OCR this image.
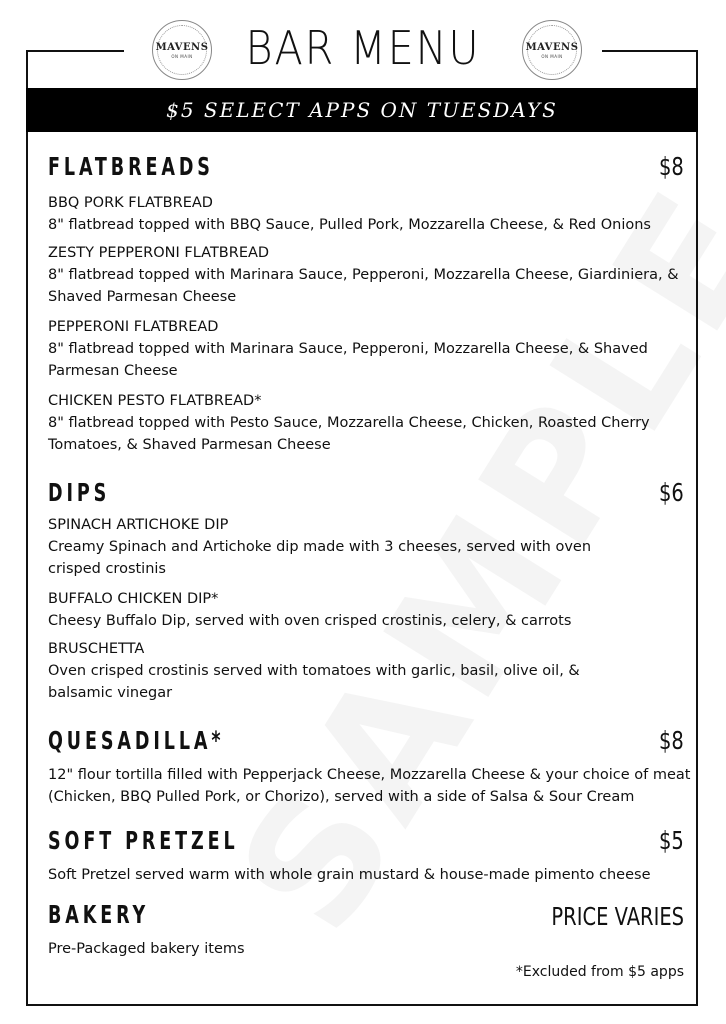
MAVENS
ON MAIN	BAR MENU	MAVENS
ON MAIN
$5 SELECT APPS ON TUESDAYS
FLATBREADS	$8
BBQ PORK FLATBREAD
8" flatbread topped with BBQ Sauce, Pulled Pork, Mozzarella Cheese, & Red Onions
ZESTY PEPPERONI FLATBREAD
8" flatbread topped with Marinara Sauce, Pepperoni, Mozzarella Cheese, Giardiniera, & Shaved Parmesan Cheese
PEPPERONI FLATBREAD
8" flatbread topped with Marinara Sauce, Pepperoni, Mozzarella Cheese, & Shaved Parmesan Cheese
CHICKEN PESTO FLATBREAD*
8" flatbread topped with Pesto Sauce, Mozzarella Cheese, Chicken, Roasted Cherry Tomatoes, & Shaved Parmesan Cheese
DIPS	$6
SPINACH ARTICHOKE DIP
Creamy Spinach and Artichoke dip made with 3 cheeses, served with oven crisped crostinis
BUFFALO CHICKEN DIP*
Cheesy Buffalo Dip, served with oven crisped crostinis, celery, & carrots
BRUSCHETTA
Oven crisped crostinis served with tomatoes with garlic, basil, olive oil, & balsamic vinegar
QUESADILLA*	$8
12" flour tortilla filled with Pepperjack Cheese, Mozzarella Cheese & your choice of meat (Chicken, BBQ Pulled Pork, or Chorizo), served with a side of Salsa & Sour Cream
SOFT PRETZEL	$5
Soft Pretzel served warm with whole grain mustard & house-made pimento cheese
BAKERY	PRICE VARIES
Pre-Packaged bakery items
*Excluded from $5 apps
